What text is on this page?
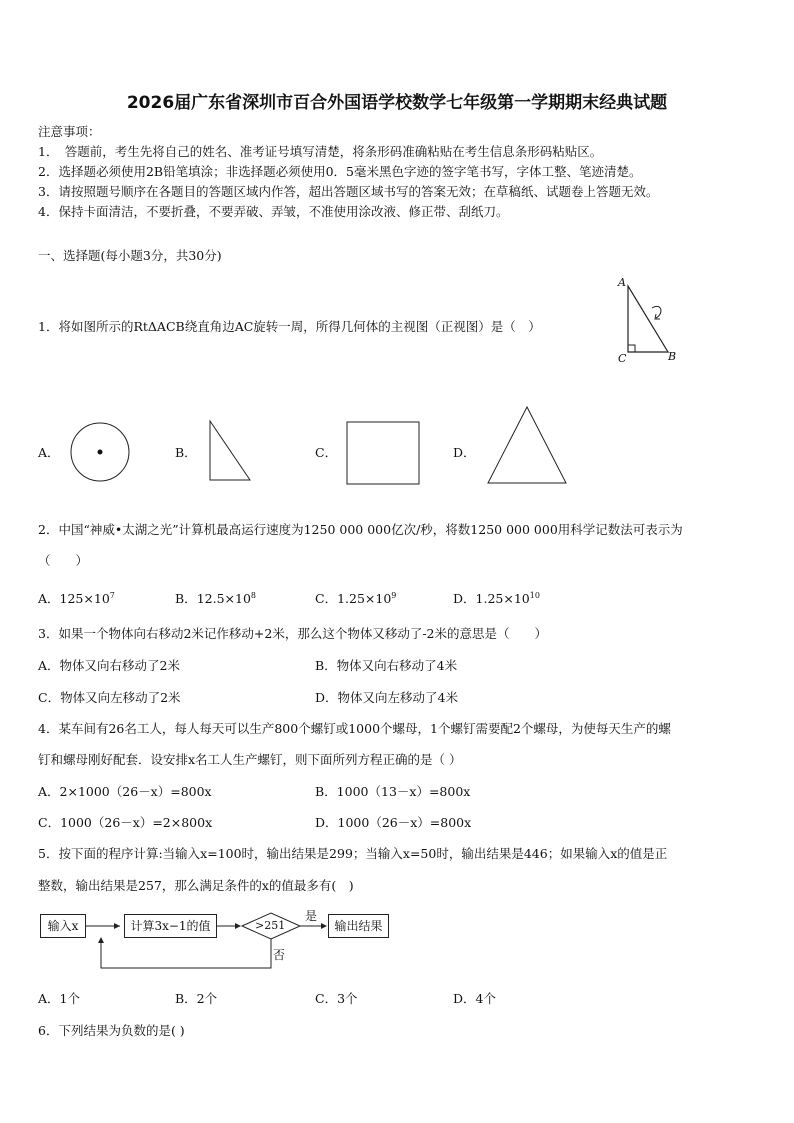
2026届广东省深圳市百合外国语学校数学七年级第一学期期末经典试题
注意事项：
1．　答题前，考生先将自己的姓名、准考证号填写清楚，将条形码准确粘贴在考生信息条形码粘贴区。
2．选择题必须使用2B铅笔填涂；非选择题必须使用0．5毫米黑色字迹的签字笔书写，字体工整、笔迹清楚。
3．请按照题号顺序在各题目的答题区域内作答，超出答题区域书写的答案无效；在草稿纸、试题卷上答题无效。
4．保持卡面清洁，不要折叠，不要弄破、弄皱，不准使用涂改液、修正带、刮纸刀。
一、选择题(每小题3分，共30分)
1．将如图所示的RtΔACB绕直角边AC旋转一周，所得几何体的主视图（正视图）是（　）
A
B
C
A．	B．	C．	D．
2．中国“神威•太湖之光”计算机最高运行速度为1250 000 000亿次/秒，将数1250 000 000用科学记数法可表示为
（　　）
A．$125\times 10^7$	B．$12.5\times 10^8$	C．$1.25\times 10^9$	D．$1.25\times 10^{10}$
3．如果一个物体向右移动2米记作移动+2米，那么这个物体又移动了-2米的意思是（　　）
A．物体又向右移动了2米	B．物体又向右移动了4米
C．物体又向左移动了2米	D．物体又向左移动了4米
4．某车间有26名工人，每人每天可以生产800个螺钉或1000个螺母，1个螺钉需要配2个螺母，为使每天生产的螺
钉和螺母刚好配套．设安排x名工人生产螺钉，则下面所列方程正确的是（ ）
A．2×1000（26－x）=800x	B．1000（13－x）=800x
C．1000（26－x）=2×800x	D．1000（26－x）=800x
5．按下面的程序计算:当输入x=100时，输出结果是299；当输入x=50时，输出结果是446；如果输入x的值是正
整数，输出结果是257，那么满足条件的x的值最多有(　)
输入x	计算3x−1的值	>251
是
否
输出结果
A．1个	B．2个	C．3个	D．4个
6．下列结果为负数的是( )
